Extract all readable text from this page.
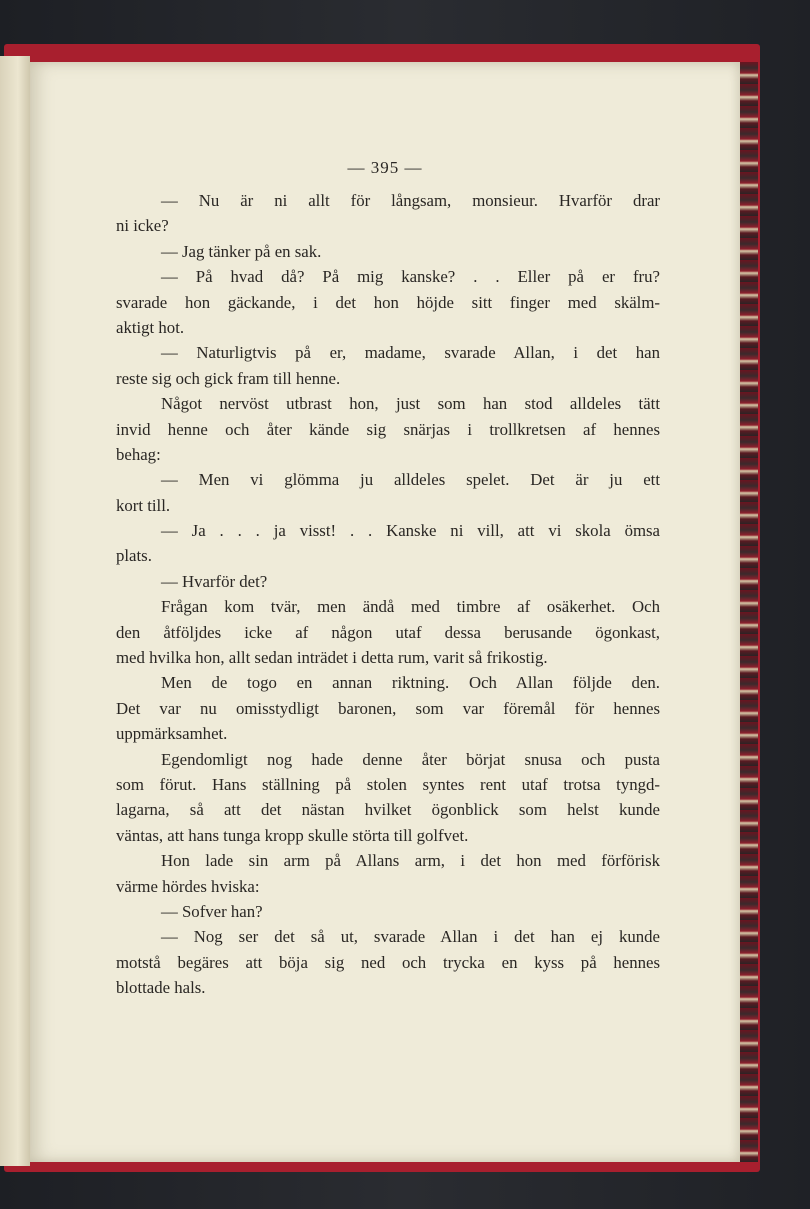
— 395 —
— Nu är ni allt för långsam, monsieur. Hvarför drar
ni icke?
— Jag tänker på en sak.
— På hvad då? På mig kanske? . . Eller på er fru?
svarade hon gäckande, i det hon höjde sitt finger med skälm-
aktigt hot.
— Naturligtvis på er, madame, svarade Allan, i det han
reste sig och gick fram till henne.
Något nervöst utbrast hon, just som han stod alldeles tätt
invid henne och åter kände sig snärjas i trollkretsen af hennes
behag:
— Men vi glömma ju alldeles spelet. Det är ju ett
kort till.
— Ja . . . ja visst! . . Kanske ni vill, att vi skola ömsa
plats.
— Hvarför det?
Frågan kom tvär, men ändå med timbre af osäkerhet. Och
den åtföljdes icke af någon utaf dessa berusande ögonkast,
med hvilka hon, allt sedan inträdet i detta rum, varit så frikostig.
Men de togo en annan riktning. Och Allan följde den.
Det var nu omisstydligt baronen, som var föremål för hennes
uppmärksamhet.
Egendomligt nog hade denne åter börjat snusa och pusta
som förut. Hans ställning på stolen syntes rent utaf trotsa tyngd-
lagarna, så att det nästan hvilket ögonblick som helst kunde
väntas, att hans tunga kropp skulle störta till golfvet.
Hon lade sin arm på Allans arm, i det hon med förförisk
värme hördes hviska:
— Sofver han?
— Nog ser det så ut, svarade Allan i det han ej kunde
motstå begäres att böja sig ned och trycka en kyss på hennes
blottade hals.
